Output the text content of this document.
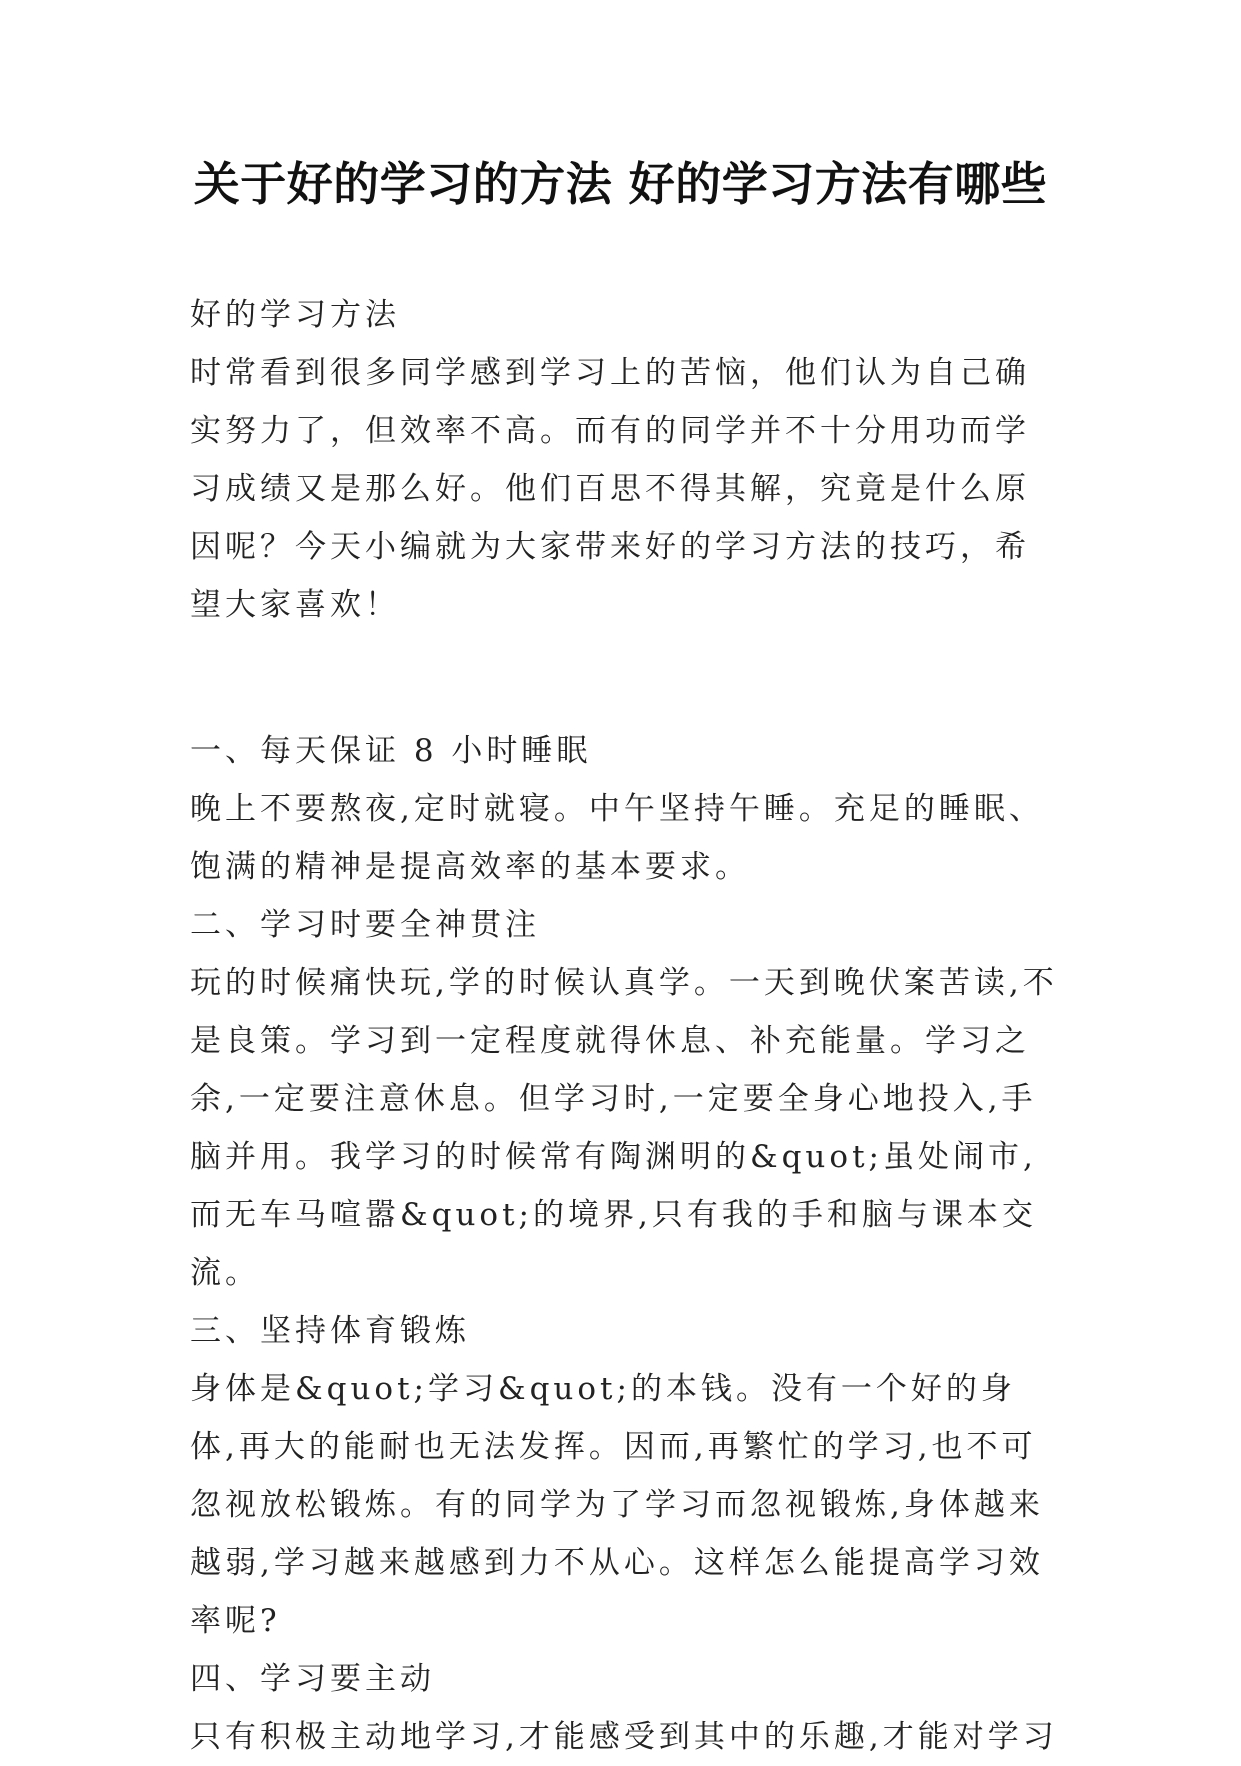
关于好的学习的方法 好的学习方法有哪些

好的学习方法

时常看到很多同学感到学习上的苦恼，他们认为自己确实努力了，但效率不高。而有的同学并不十分用功而学习成绩又是那么好。他们百思不得其解，究竟是什么原因呢？今天小编就为大家带来好的学习方法的技巧，希望大家喜欢！

一、每天保证 8 小时睡眠

晚上不要熬夜,定时就寝。中午坚持午睡。充足的睡眠、饱满的精神是提高效率的基本要求。

二、学习时要全神贯注

玩的时候痛快玩,学的时候认真学。一天到晚伏案苦读,不是良策。学习到一定程度就得休息、补充能量。学习之余,一定要注意休息。但学习时,一定要全身心地投入,手脑并用。我学习的时候常有陶渊明的&quot;虽处闹市,而无车马喧嚣&quot;的境界,只有我的手和脑与课本交流。

三、坚持体育锻炼

身体是&quot;学习&quot;的本钱。没有一个好的身体,再大的能耐也无法发挥。因而,再繁忙的学习,也不可忽视放松锻炼。有的同学为了学习而忽视锻炼,身体越来越弱,学习越来越感到力不从心。这样怎么能提高学习效率呢?

四、学习要主动

只有积极主动地学习,才能感受到其中的乐趣,才能对学习
